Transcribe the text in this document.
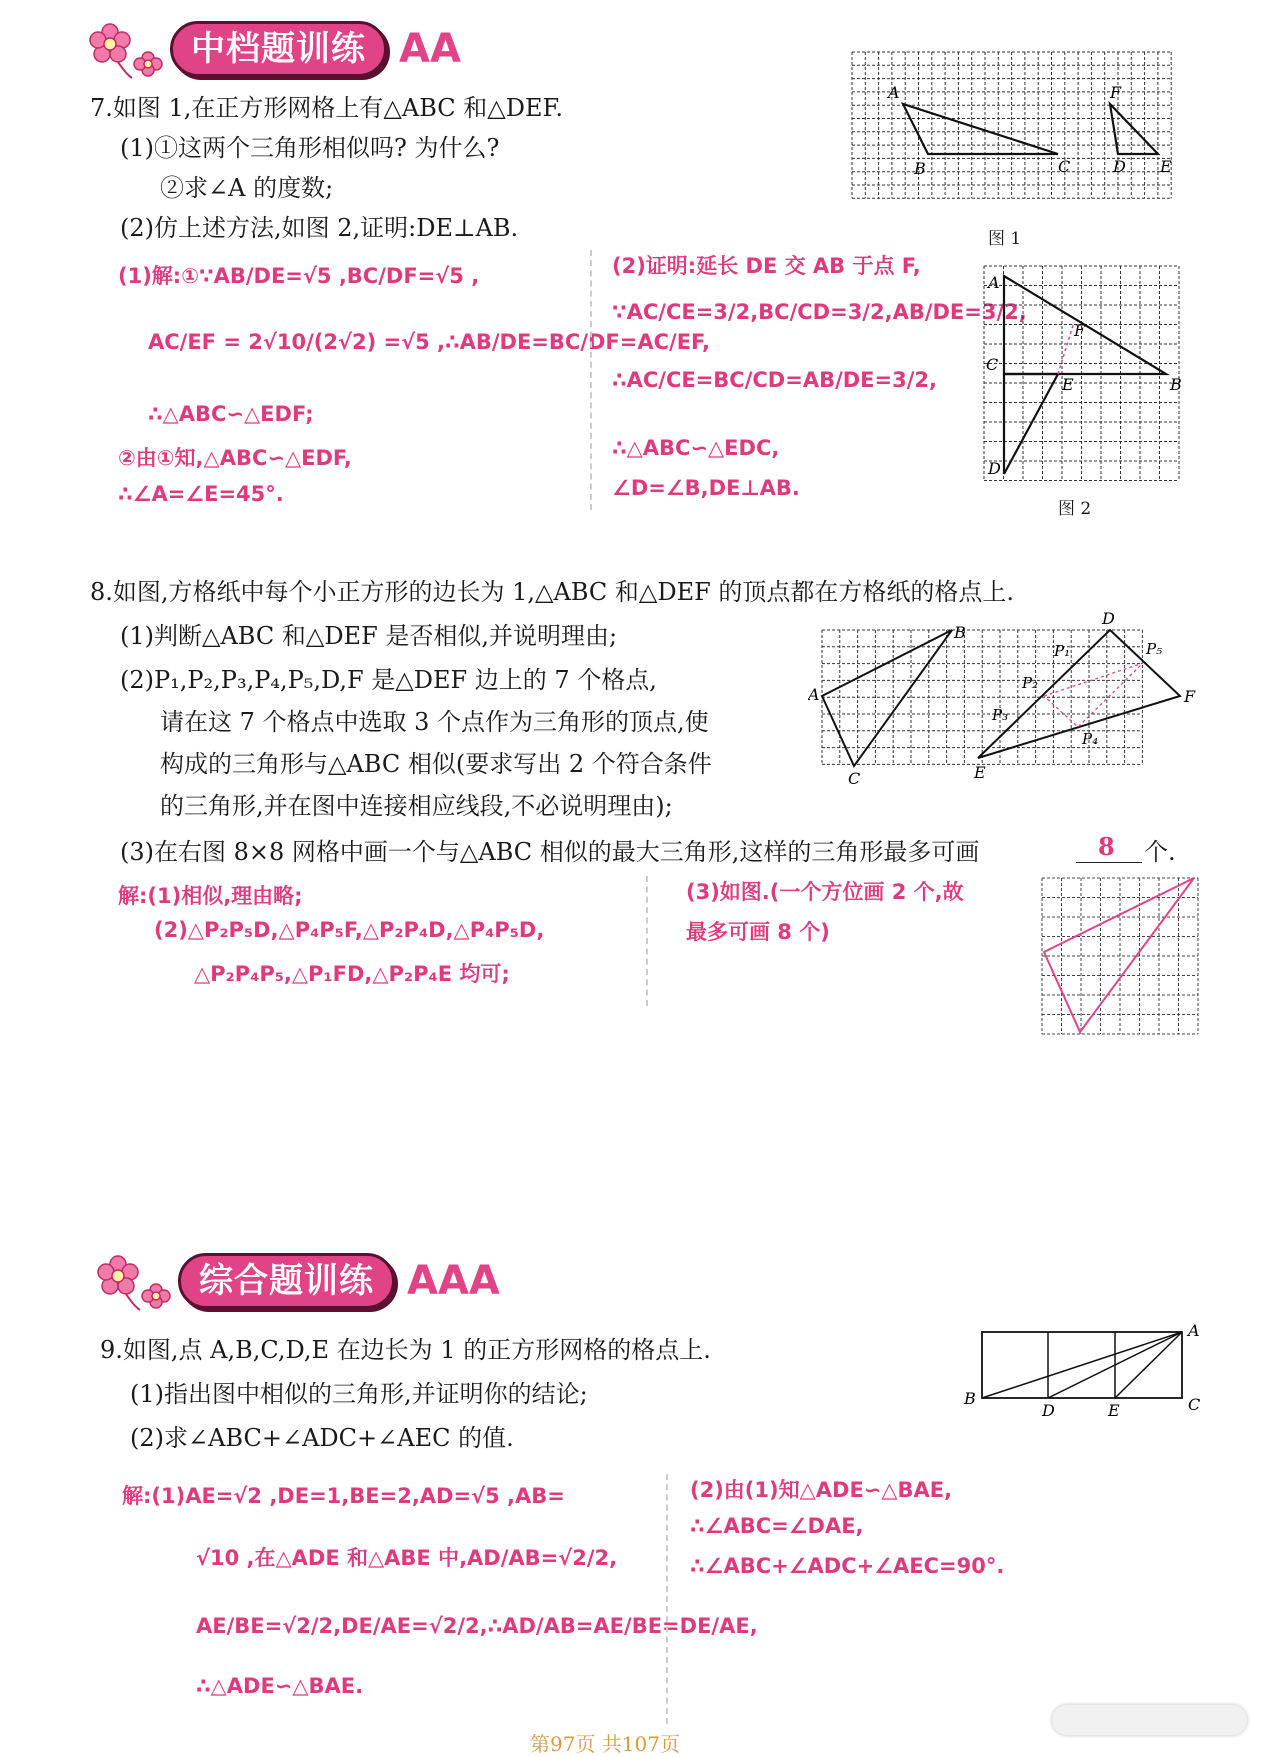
中档题训练 AA
7.如图 1,在正方形网格上有△ABC 和△DEF.
(1)①这两个三角形相似吗? 为什么?
②求∠A 的度数;
(2)仿上述方法,如图 2,证明:DE⊥AB.
(1)解:①∵AB/DE=√5 ,BC/DF=√5 ,
AC/EF = 2√10/(2√2) =√5 ,∴AB/DE=BC/DF=AC/EF,
∴△ABC∽△EDF;
②由①知,△ABC∽△EDF,
∴∠A=∠E=45°.
(2)证明:延长 DE 交 AB 于点 F,
∵AC/CE=3/2,BC/CD=3/2,AB/DE=3/2,
∴AC/CE=BC/CD=AB/DE=3/2,
∴△ABC∽△EDC,
∠D=∠B,DE⊥AB.
A
B	C	D E
F
图 1
A
B
C
D
E
F
图 2
8.如图,方格纸中每个小正方形的边长为 1,△ABC 和△DEF 的顶点都在方格纸的格点上.
(1)判断△ABC 和△DEF 是否相似,并说明理由;
(2)P₁,P₂,P₃,P₄,P₅,D,F 是△DEF 边上的 7 个格点,
请在这 7 个格点中选取 3 个点作为三角形的顶点,使
构成的三角形与△ABC 相似(要求写出 2 个符合条件
的三角形,并在图中连接相应线段,不必说明理由);
(3)在右图 8×8 网格中画一个与△ABC 相似的最大三角形,这样的三角形最多可画	8 个.
解:(1)相似,理由略;
(2)△P₂P₅D,△P₄P₅F,△P₂P₄D,△P₄P₅D,
△P₂P₄P₅,△P₁FD,△P₂P₄E 均可;
(3)如图.(一个方位画 2 个,故
最多可画 8 个)
A
B
C
D
E
F
P₁
P₂
P₃
P₄
P₅
综合题训练 AAA
9.如图,点 A,B,C,D,E 在边长为 1 的正方形网格的格点上.
(1)指出图中相似的三角形,并证明你的结论;
(2)求∠ABC+∠ADC+∠AEC 的值.
解:(1)AE=√2 ,DE=1,BE=2,AD=√5 ,AB=
√10 ,在△ADE 和△ABE 中,AD/AB=√2/2,
AE/BE=√2/2,DE/AE=√2/2,∴AD/AB=AE/BE=DE/AE,
∴△ADE∽△BAE.
(2)由(1)知△ADE∽△BAE,
∴∠ABC=∠DAE,
∴∠ABC+∠ADC+∠AEC=90°.
A
B	C
D	E
第97页 共107页
